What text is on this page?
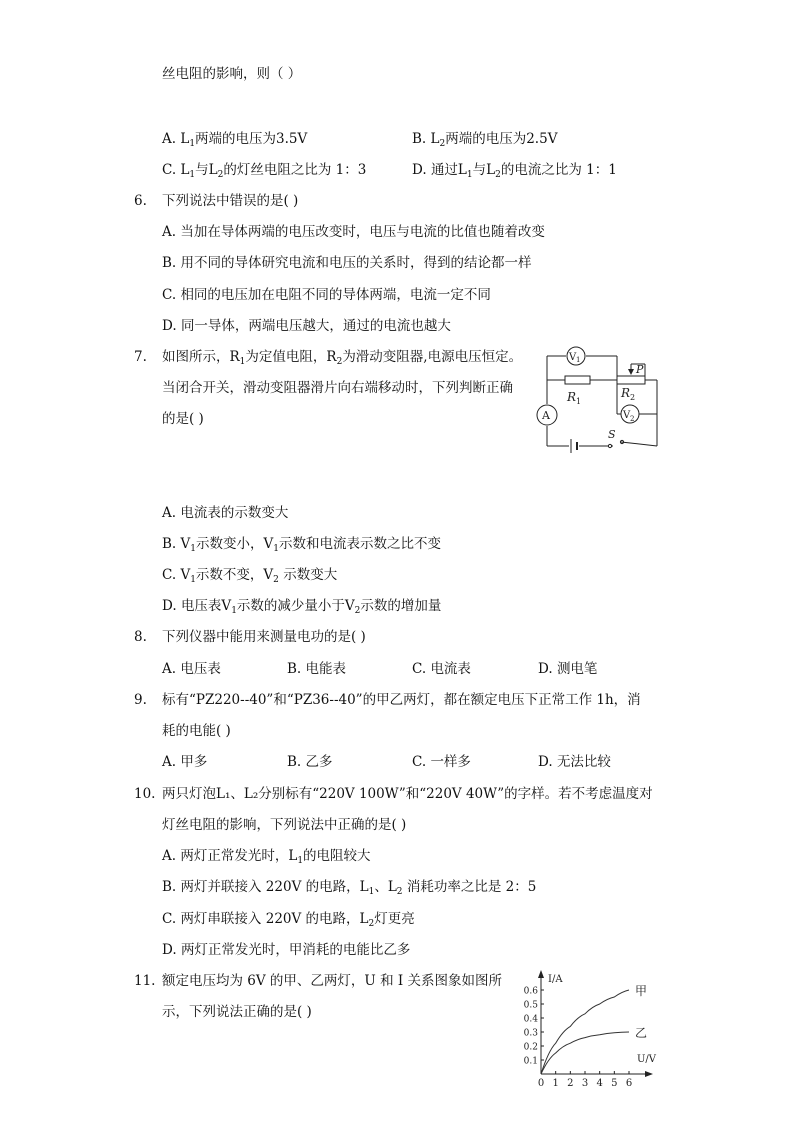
丝电阻的影响，则（ ）
A. $L_1$两端的电压为3.5V	B. $L_2$两端的电压为2.5V
C. $L_1$与$L_2$的灯丝电阻之比为 1：3	D. 通过$L_1$与$L_2$的电流之比为 1：1
6. 下列说法中错误的是( )
A. 当加在导体两端的电压改变时，电压与电流的比值也随着改变
B. 用不同的导体研究电流和电压的关系时，得到的结论都一样
C. 相同的电压加在电阻不同的导体两端，电流一定不同
D. 同一导体，两端电压越大，通过的电流也越大
7. 如图所示，$R_1$为定值电阻，$R_2$为滑动变阻器,电源电压恒定。
当闭合开关，滑动变阻器滑片向右端移动时，下列判断正确
的是( )
V 1
V 2
A
R 1
R 2
P
S
A. 电流表的示数变大
B. $V_1$示数变小，$V_1$示数和电流表示数之比不变
C. $V_1$示数不变，$V_2$ 示数变大
D. 电压表$V_1$示数的减少量小于$V_2$示数的增加量
8. 下列仪器中能用来测量电功的是( )
A. 电压表	B. 电能表	C. 电流表	D. 测电笔
9. 标有“PZ220--40”和“PZ36--40”的甲乙两灯，都在额定电压下正常工作 1h，消
耗的电能( )
A. 甲多	B. 乙多	C. 一样多	D. 无法比较
10. 两只灯泡L₁、L₂分别标有“220V 100W”和“220V 40W”的字样。若不考虑温度对
灯丝电阻的影响，下列说法中正确的是( )
A. 两灯正常发光时，$L_1$的电阻较大
B. 两灯并联接入 220V 的电路，$L_1$、$L_2$ 消耗功率之比是 2：5
C. 两灯串联接入 220V 的电路，$L_2$灯更亮
D. 两灯正常发光时，甲消耗的电能比乙多
11. 额定电压均为 6V 的甲、乙两灯，U 和 I 关系图象如图所
示，下列说法正确的是( )
0 1 2 3 4 5 6
0.1
0.2
0.3
0.4
0.5
0.6
I/A
U/V
甲
乙
